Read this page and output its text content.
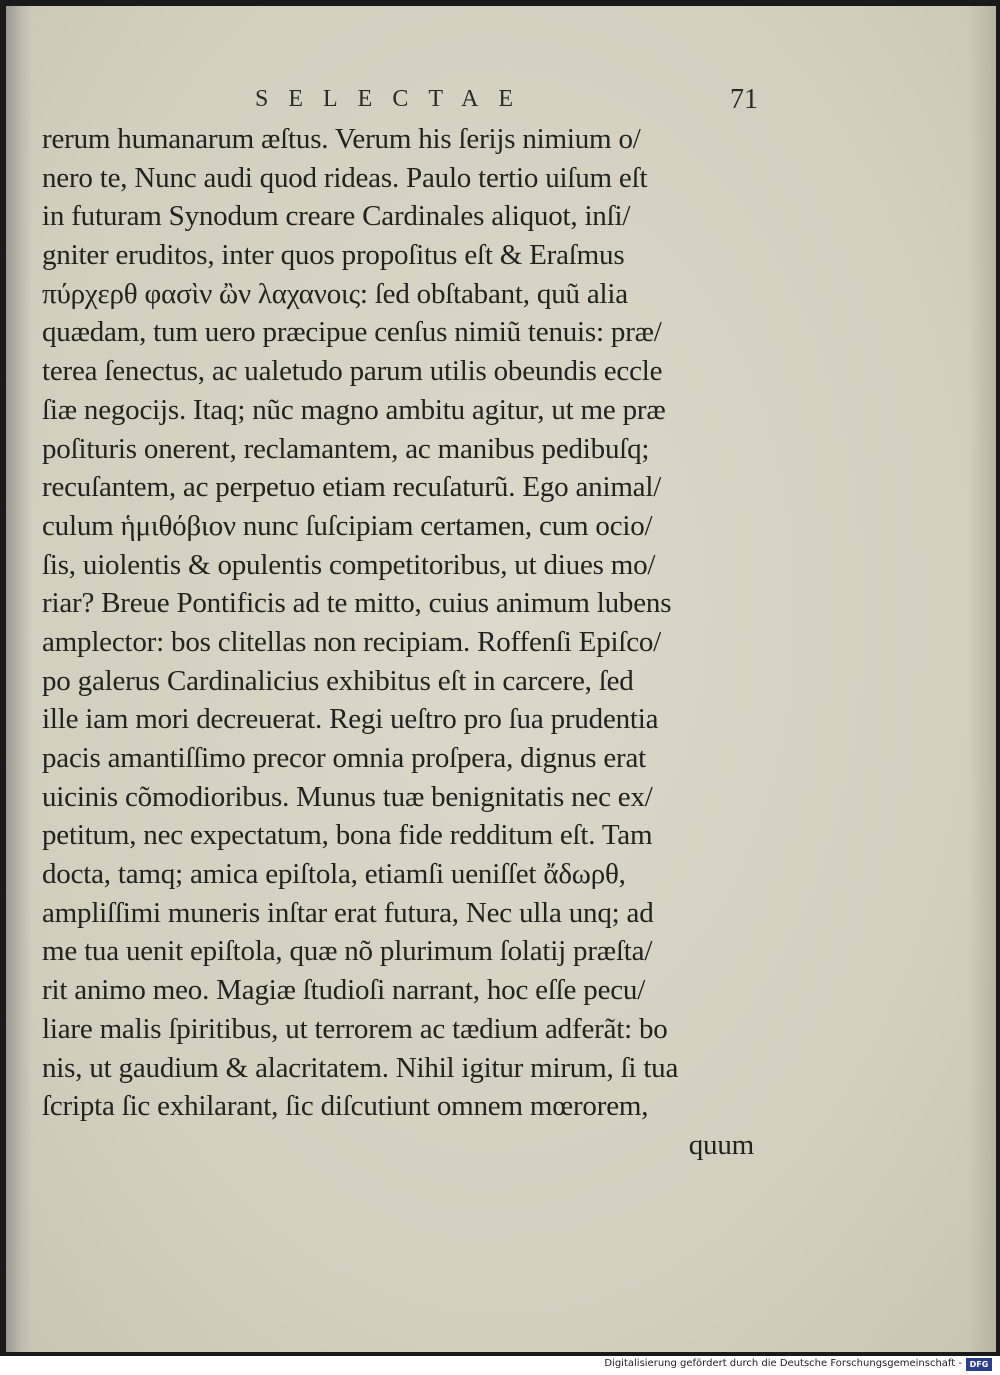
SELECTAE	71
rerum humanarum æſtus. Verum his ſerijs nimium o/
nero te, Nunc audi quod rideas. Paulo tertio uiſum eſt
in futuram Synodum creare Cardinales aliquot, inſi/
gniter eruditos, inter quos propoſitus eſt & Eraſmus
πύρχερθ φασὶν ὢν λαχανοις: ſed obſtabant, quũ alia
quædam, tum uero præcipue cenſus nimiũ tenuis: præ/
terea ſenectus, ac ualetudo parum utilis obeundis eccle
ſiæ negocijs. Itaq; nũc magno ambitu agitur, ut me præ
poſituris onerent, reclamantem, ac manibus pedibuſq;
recuſantem, ac perpetuo etiam recuſaturũ. Ego animal/
culum ἡμιθόβιον nunc ſuſcipiam certamen, cum ocio/
ſis, uiolentis & opulentis competitoribus, ut diues mo/
riar? Breue Pontificis ad te mitto, cuius animum lubens
amplector: bos clitellas non recipiam. Roffenſi Epiſco/
po galerus Cardinalicius exhibitus eſt in carcere, ſed
ille iam mori decreuerat. Regi ueſtro pro ſua prudentia
pacis amantiſſimo precor omnia proſpera, dignus erat
uicinis cõmodioribus. Munus tuæ benignitatis nec ex/
petitum, nec expectatum, bona fide redditum eſt. Tam
docta, tamq; amica epiſtola, etiamſi ueniſſet ἄδωρθ,
ampliſſimi muneris inſtar erat futura, Nec ulla unq; ad
me tua uenit epiſtola, quæ nõ plurimum ſolatij præſta/
rit animo meo. Magiæ ſtudioſi narrant, hoc eſſe pecu/
liare malis ſpiritibus, ut terrorem ac tædium adferãt: bo
nis, ut gaudium & alacritatem. Nihil igitur mirum, ſi tua
ſcripta ſic exhilarant, ſic diſcutiunt omnem mœrorem,
quum
Digitalisierung gefördert durch die Deutsche Forschungsgemeinschaft - DFG
